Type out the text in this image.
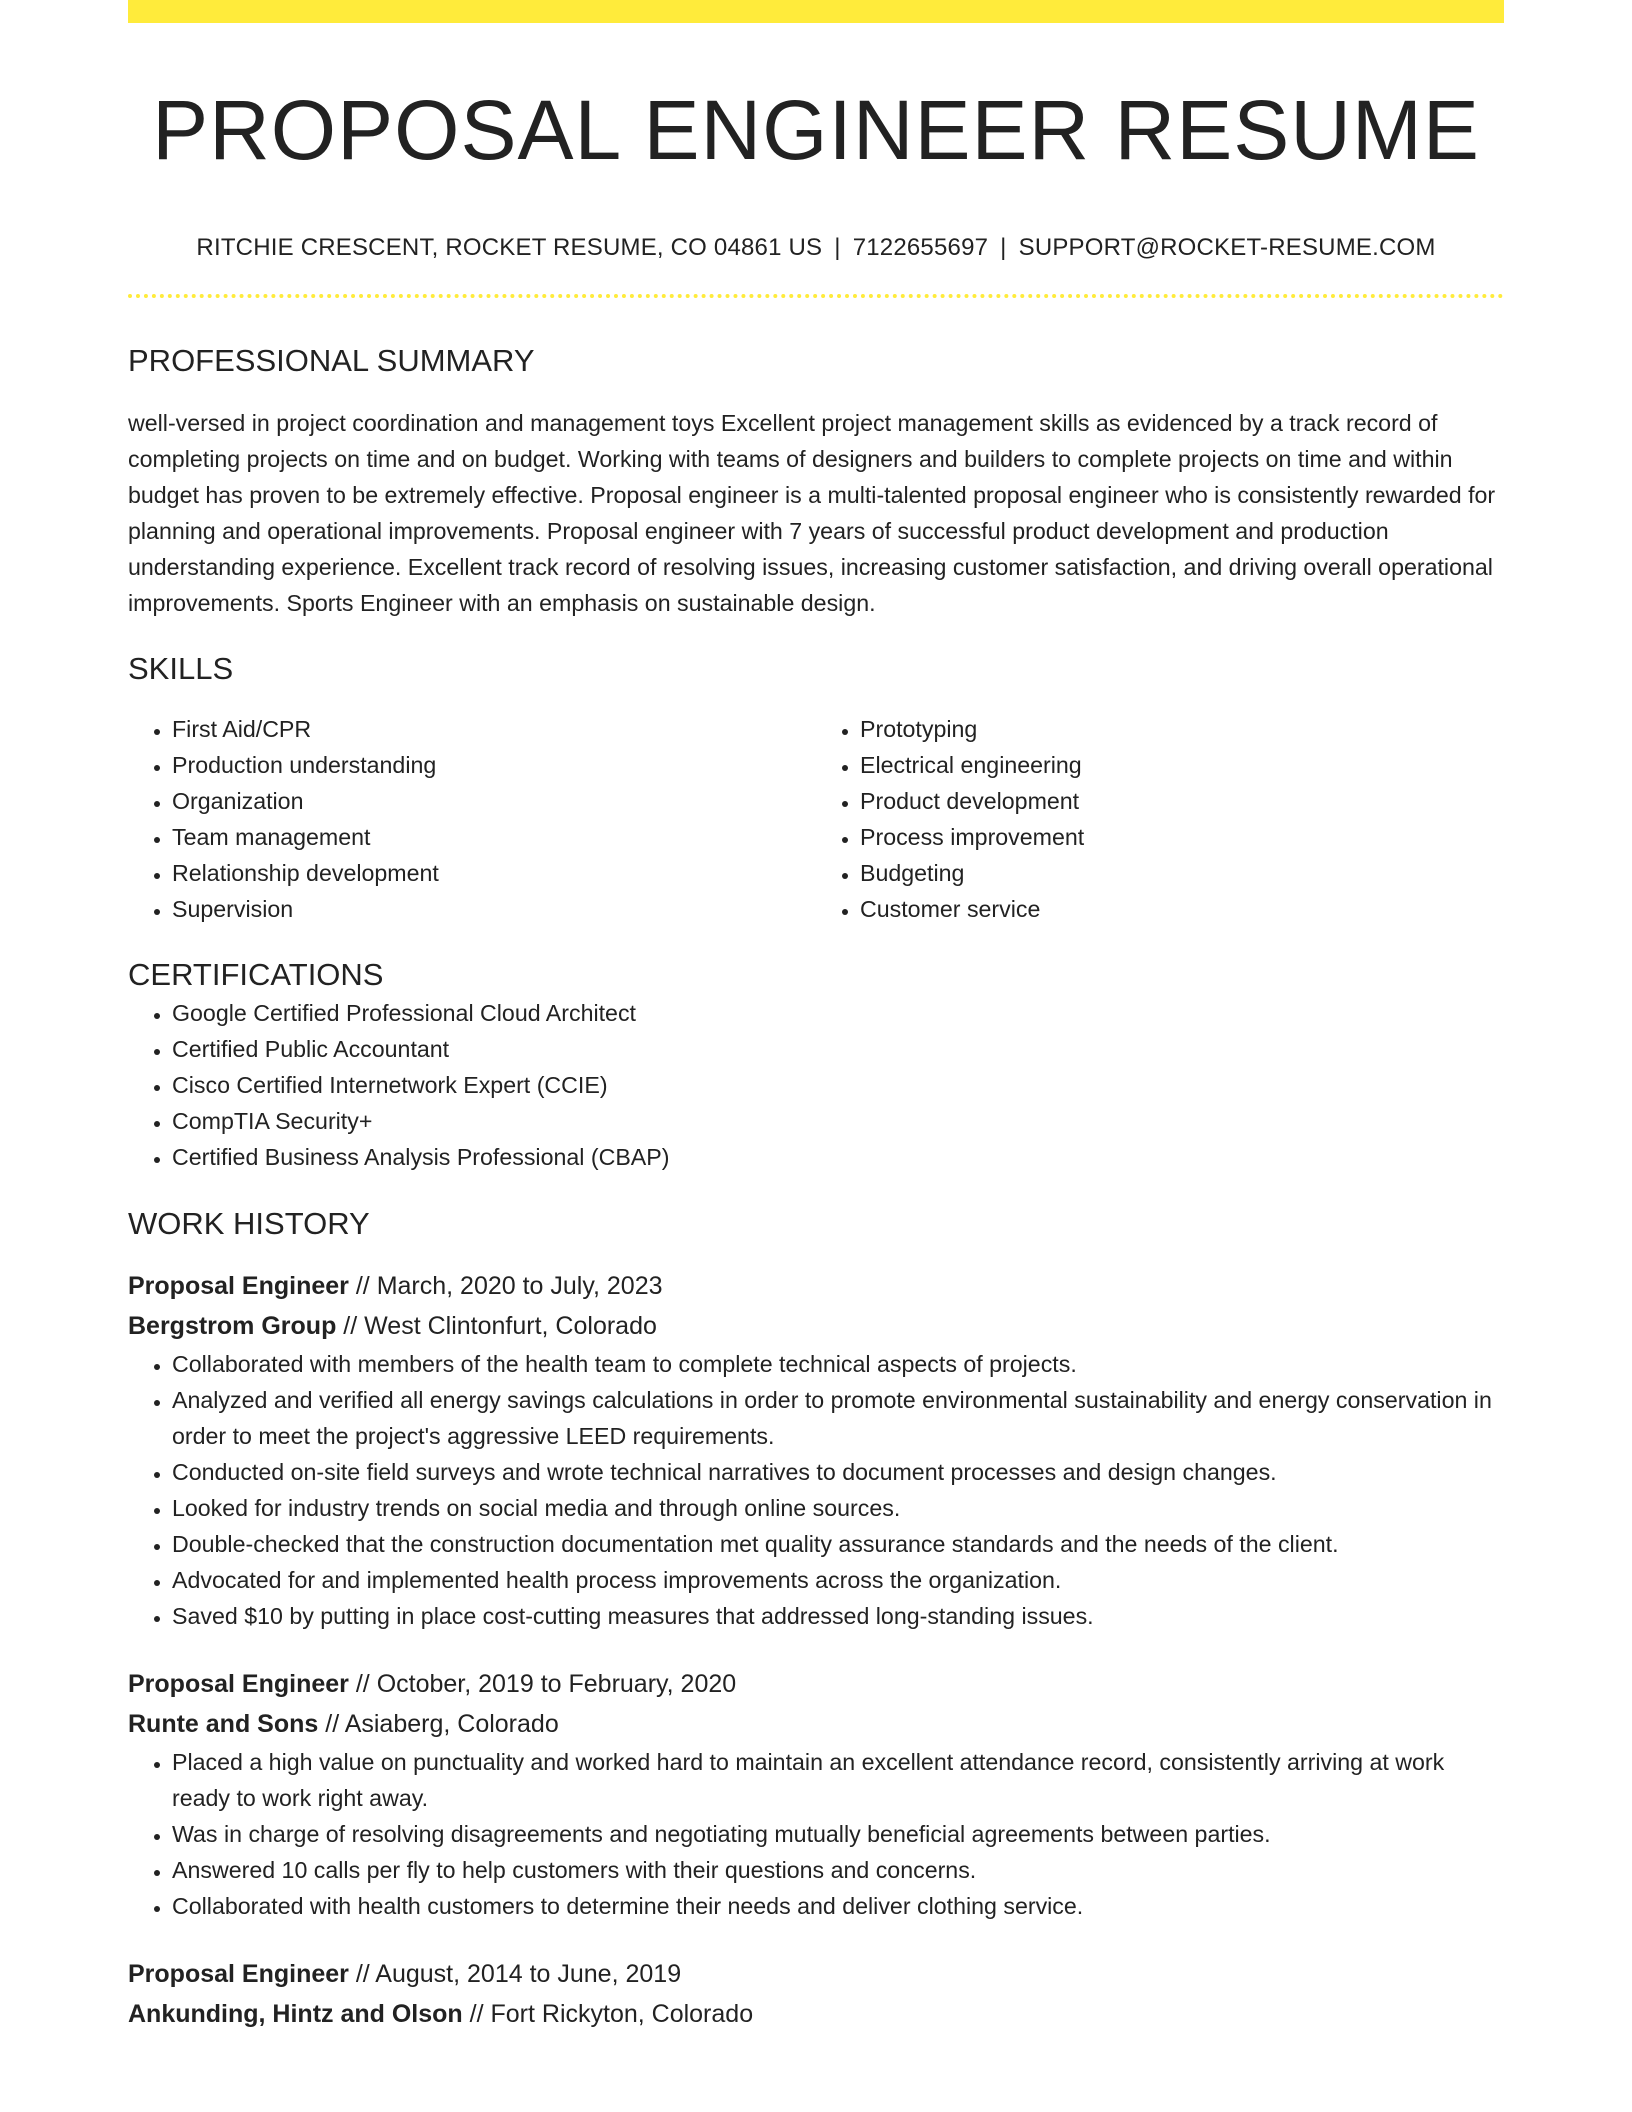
PROPOSAL ENGINEER RESUME
RITCHIE CRESCENT, ROCKET RESUME, CO 04861 US | 7122655697 | SUPPORT@ROCKET-RESUME.COM
PROFESSIONAL SUMMARY

well-versed in project coordination and management toys Excellent project management skills as evidenced by a track record of completing projects on time and on budget. Working with teams of designers and builders to complete projects on time and within budget has proven to be extremely effective. Proposal engineer is a multi-talented proposal engineer who is consistently rewarded for planning and operational improvements. Proposal engineer with 7 years of successful product development and production understanding experience. Excellent track record of resolving issues, increasing customer satisfaction, and driving overall operational improvements. Sports Engineer with an emphasis on sustainable design.

SKILLS
• First Aid/CPR
• Production understanding
• Organization
• Team management
• Relationship development
• Supervision
• Prototyping
• Electrical engineering
• Product development
• Process improvement
• Budgeting
• Customer service
CERTIFICATIONS
• Google Certified Professional Cloud Architect
• Certified Public Accountant
• Cisco Certified Internetwork Expert (CCIE)
• CompTIA Security+
• Certified Business Analysis Professional (CBAP)
WORK HISTORY
Proposal Engineer // March, 2020 to July, 2023
Bergstrom Group // West Clintonfurt, Colorado
• Collaborated with members of the health team to complete technical aspects of projects.
• Analyzed and verified all energy savings calculations in order to promote environmental sustainability and energy conservation in order to meet the project's aggressive LEED requirements.
• Conducted on-site field surveys and wrote technical narratives to document processes and design changes.
• Looked for industry trends on social media and through online sources.
• Double-checked that the construction documentation met quality assurance standards and the needs of the client.
• Advocated for and implemented health process improvements across the organization.
• Saved $10 by putting in place cost-cutting measures that addressed long-standing issues.
Proposal Engineer // October, 2019 to February, 2020
Runte and Sons // Asiaberg, Colorado
• Placed a high value on punctuality and worked hard to maintain an excellent attendance record, consistently arriving at work ready to work right away.
• Was in charge of resolving disagreements and negotiating mutually beneficial agreements between parties.
• Answered 10 calls per fly to help customers with their questions and concerns.
• Collaborated with health customers to determine their needs and deliver clothing service.
Proposal Engineer // August, 2014 to June, 2019
Ankunding, Hintz and Olson // Fort Rickyton, Colorado
